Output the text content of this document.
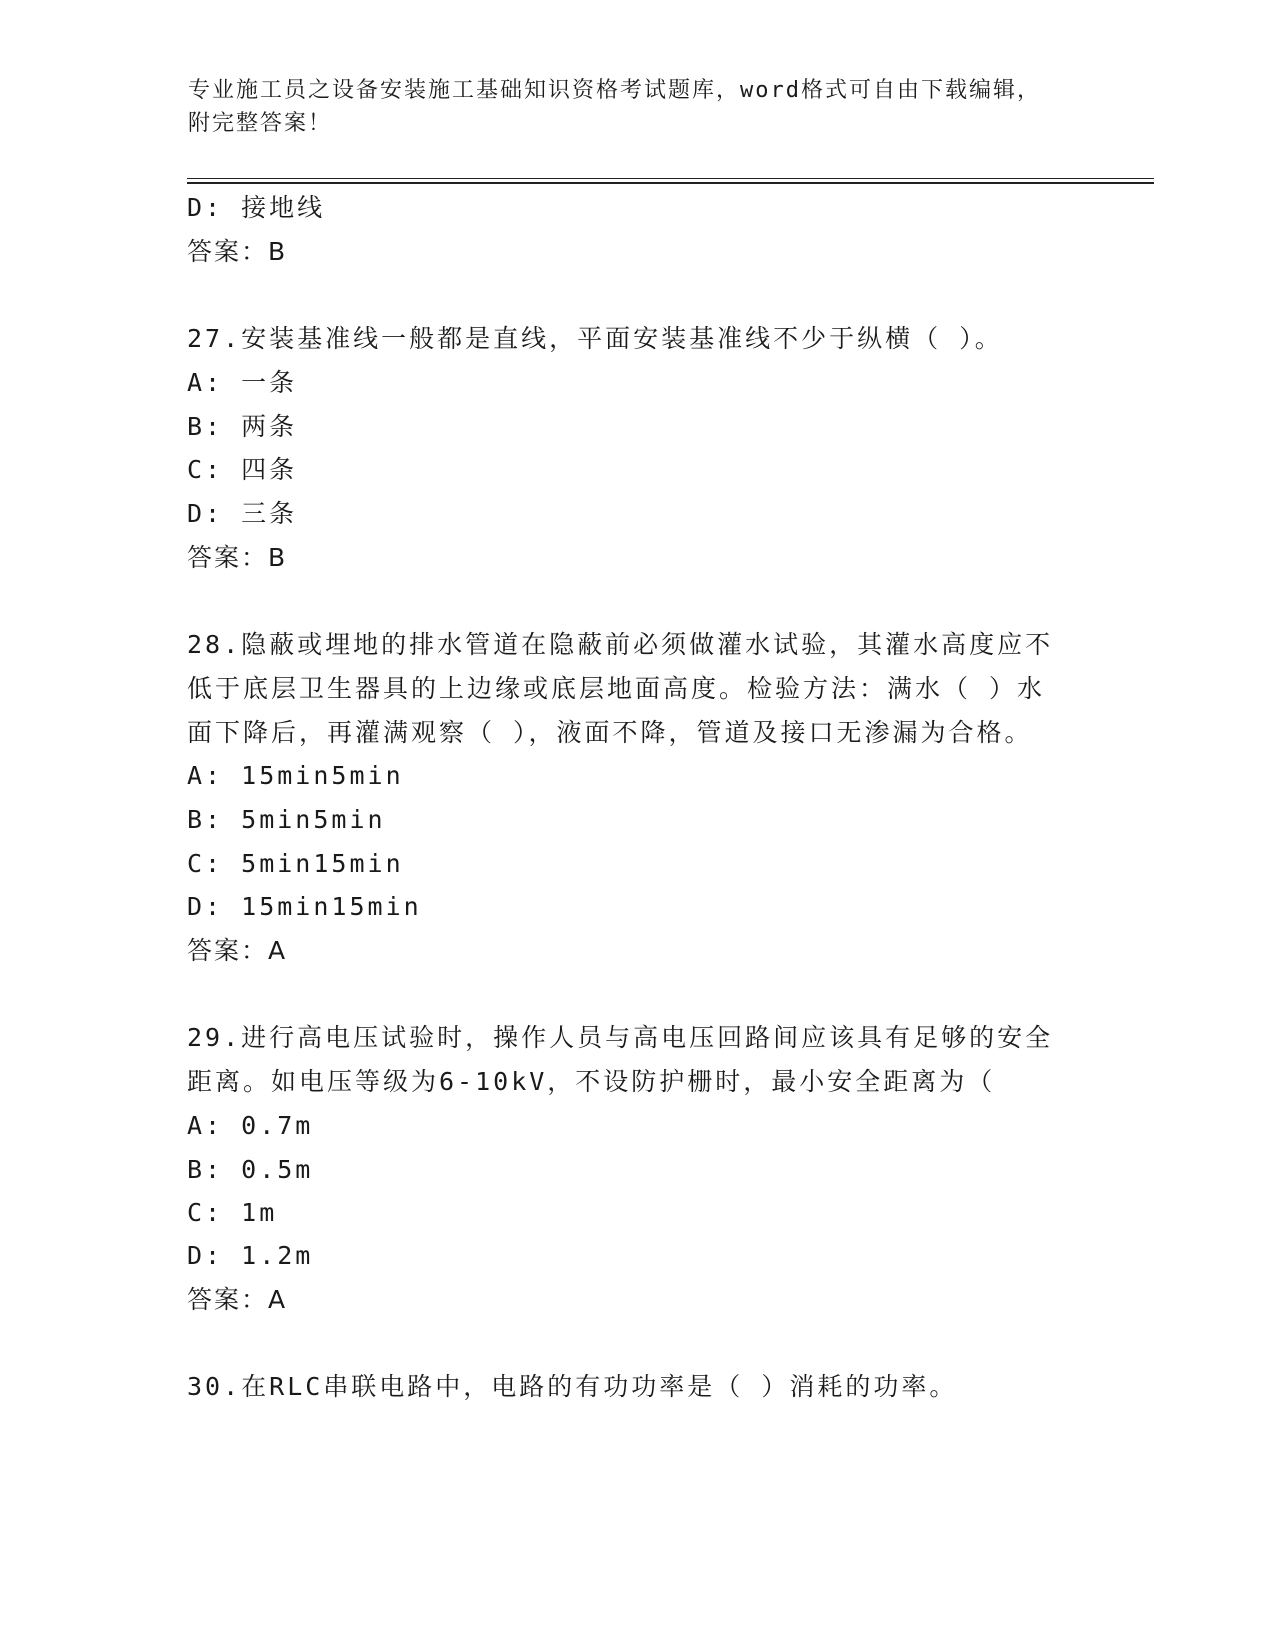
专业施工员之设备安装施工基础知识资格考试题库，word格式可自由下载编辑，
附完整答案！
D: 接地线
答案：B
27.安装基准线一般都是直线，平面安装基准线不少于纵横（ ）。
A: 一条
B: 两条
C: 四条
D: 三条
答案：B
28.隐蔽或埋地的排水管道在隐蔽前必须做灌水试验，其灌水高度应不
低于底层卫生器具的上边缘或底层地面高度。检验方法：满水（ ）水
面下降后，再灌满观察（ ），液面不降，管道及接口无渗漏为合格。
A: 15min5min
B: 5min5min
C: 5min15min
D: 15min15min
答案：A
29.进行高电压试验时，操作人员与高电压回路间应该具有足够的安全
距离。如电压等级为6-10kV，不设防护栅时，最小安全距离为（
A: 0.7m
B: 0.5m
C: 1m
D: 1.2m
答案：A
30.在RLC串联电路中，电路的有功功率是（ ）消耗的功率。
